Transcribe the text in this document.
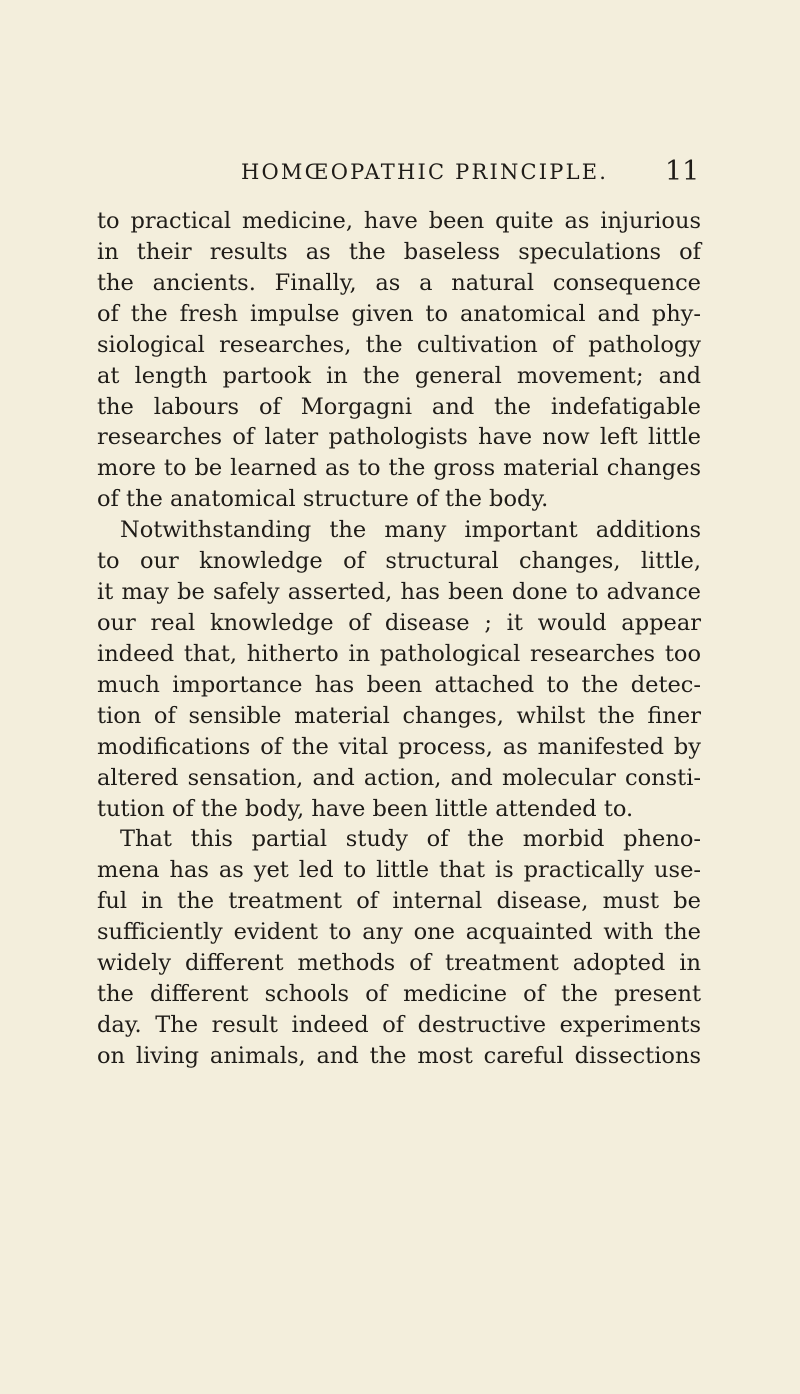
HOMŒOPATHIC PRINCIPLE. 11
to practical medicine, have been quite as injurious
in their results as the baseless speculations of
the ancients. Finally, as a natural consequence
of the fresh impulse given to anatomical and phy-
siological researches, the cultivation of pathology
at length partook in the general movement; and
the labours of Morgagni and the indefatigable
researches of later pathologists have now left little
more to be learned as to the gross material changes
of the anatomical structure of the body.
Notwithstanding the many important additions
to our knowledge of structural changes, little,
it may be safely asserted, has been done to advance
our real knowledge of disease ; it would appear
indeed that, hitherto in pathological researches too
much importance has been attached to the detec-
tion of sensible material changes, whilst the finer
modifications of the vital process, as manifested by
altered sensation, and action, and molecular consti-
tution of the body, have been little attended to.
That this partial study of the morbid pheno-
mena has as yet led to little that is practically use-
ful in the treatment of internal disease, must be
sufficiently evident to any one acquainted with the
widely different methods of treatment adopted in
the different schools of medicine of the present
day. The result indeed of destructive experiments
on living animals, and the most careful dissections
